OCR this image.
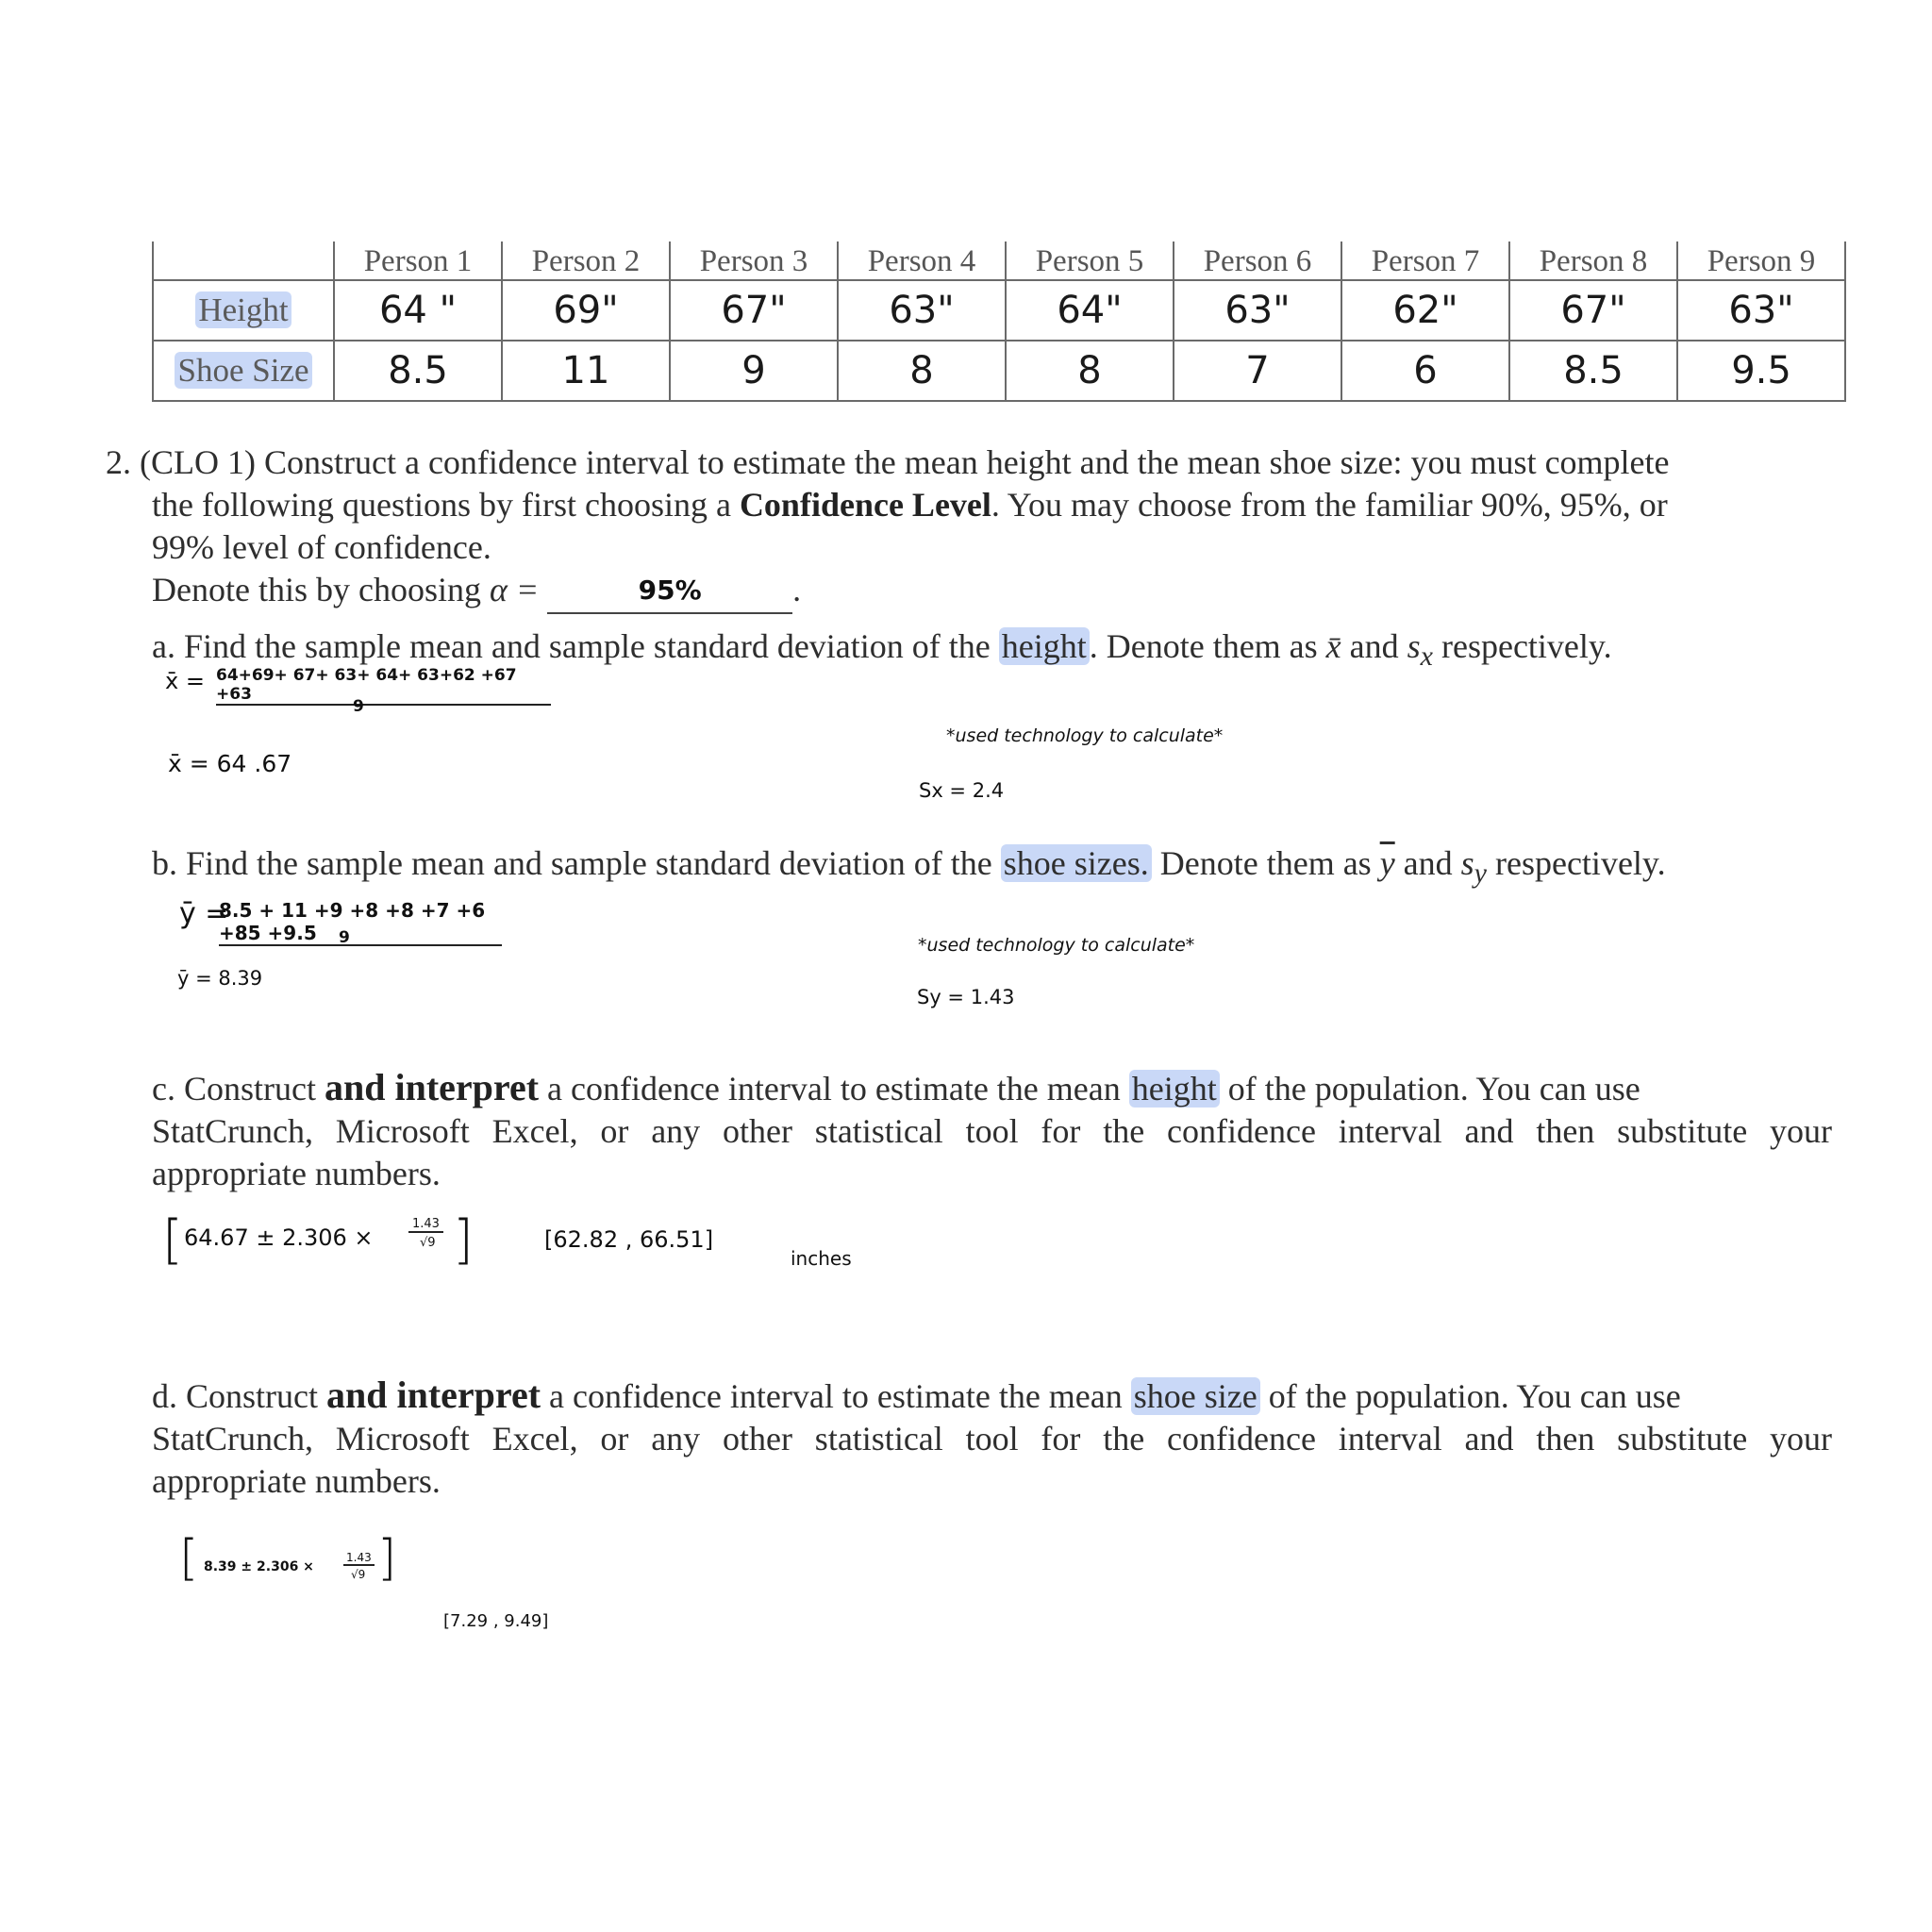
	Person 1	Person 2	Person 3	Person 4	Person 5	Person 6	Person 7	Person 8	Person 9
Height	64 "	69"	67"	63"	64"	63"	62"	67"	63"
Shoe Size	8.5	11	9	8	8	7	6	8.5	9.5
2. (CLO 1) Construct a confidence interval to estimate the mean height and the mean shoe size: you must complete
the following questions by first choosing a Confidence Level. You may choose from the familiar 90%, 95%, or
99% level of confidence.
Denote this by choosing α =	95%	.
a. Find the sample mean and sample standard deviation of the height. Denote them as x̄ and $s_x$ respectively.
x̄ = 64+69+ 67+ 63+ 64+ 63+62 +67 +63
9
x̄ = 64 .67
*used technology to calculate*
Sx = 2.4
b. Find the sample mean and sample standard deviation of the shoe sizes. Denote them as $\overline{y}$ and $s_y$ respectively.
ȳ =
8.5 + 11 +9 +8 +8 +7 +6 +85 +9.5	9
ȳ = 8.39
*used technology to calculate*
Sy = 1.43
c. Construct and interpret a confidence interval to estimate the mean height of the population. You can use
StatCrunch, Microsoft Excel, or any other statistical tool for the confidence interval and then substitute your
appropriate numbers.
[ 64.67 ± 2.306 ×
1.43
√9 ]	[62.82 , 66.51]
inches
d. Construct and interpret a confidence interval to estimate the mean shoe size of the population. You can use
StatCrunch, Microsoft Excel, or any other statistical tool for the confidence interval and then substitute your
appropriate numbers.
[ 8.39 ± 2.306 ×
1.43
√9 ]
[7.29 , 9.49]
